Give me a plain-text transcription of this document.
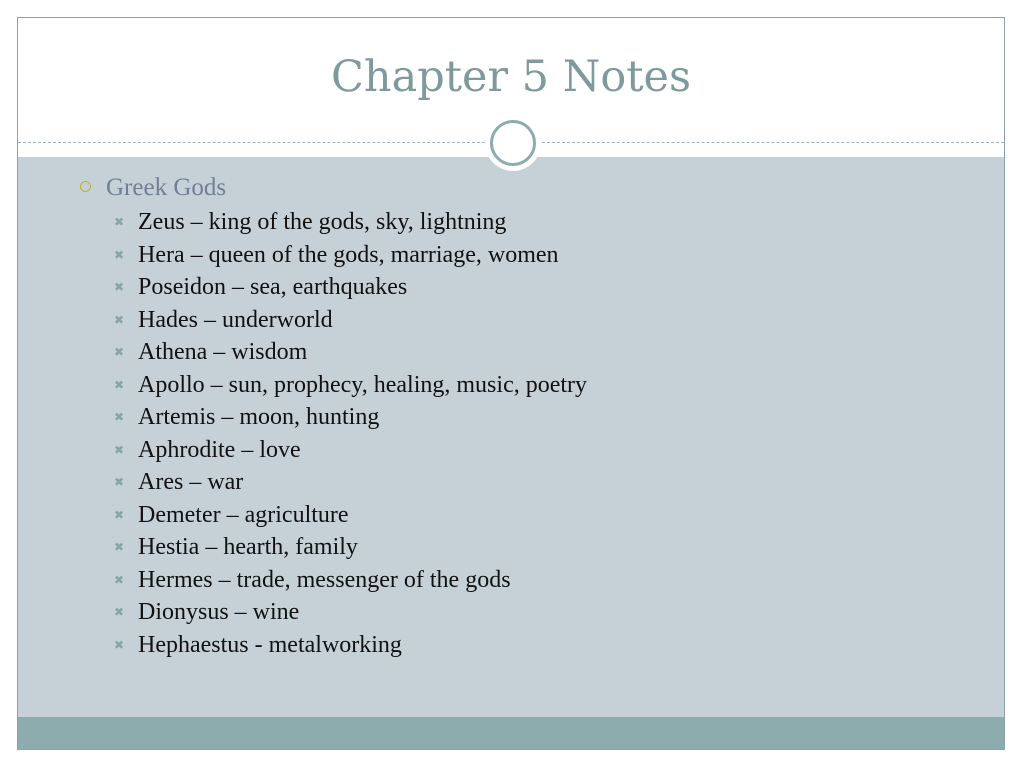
Chapter 5 Notes
Greek Gods
✖ Zeus – king of the gods, sky, lightning
✖ Hera – queen of the gods, marriage, women
✖ Poseidon – sea, earthquakes
✖ Hades – underworld
✖ Athena – wisdom
✖ Apollo – sun, prophecy, healing, music, poetry
✖ Artemis – moon, hunting
✖ Aphrodite – love
✖ Ares – war
✖ Demeter – agriculture
✖ Hestia – hearth, family
✖ Hermes – trade, messenger of the gods
✖ Dionysus – wine
✖ Hephaestus - metalworking
